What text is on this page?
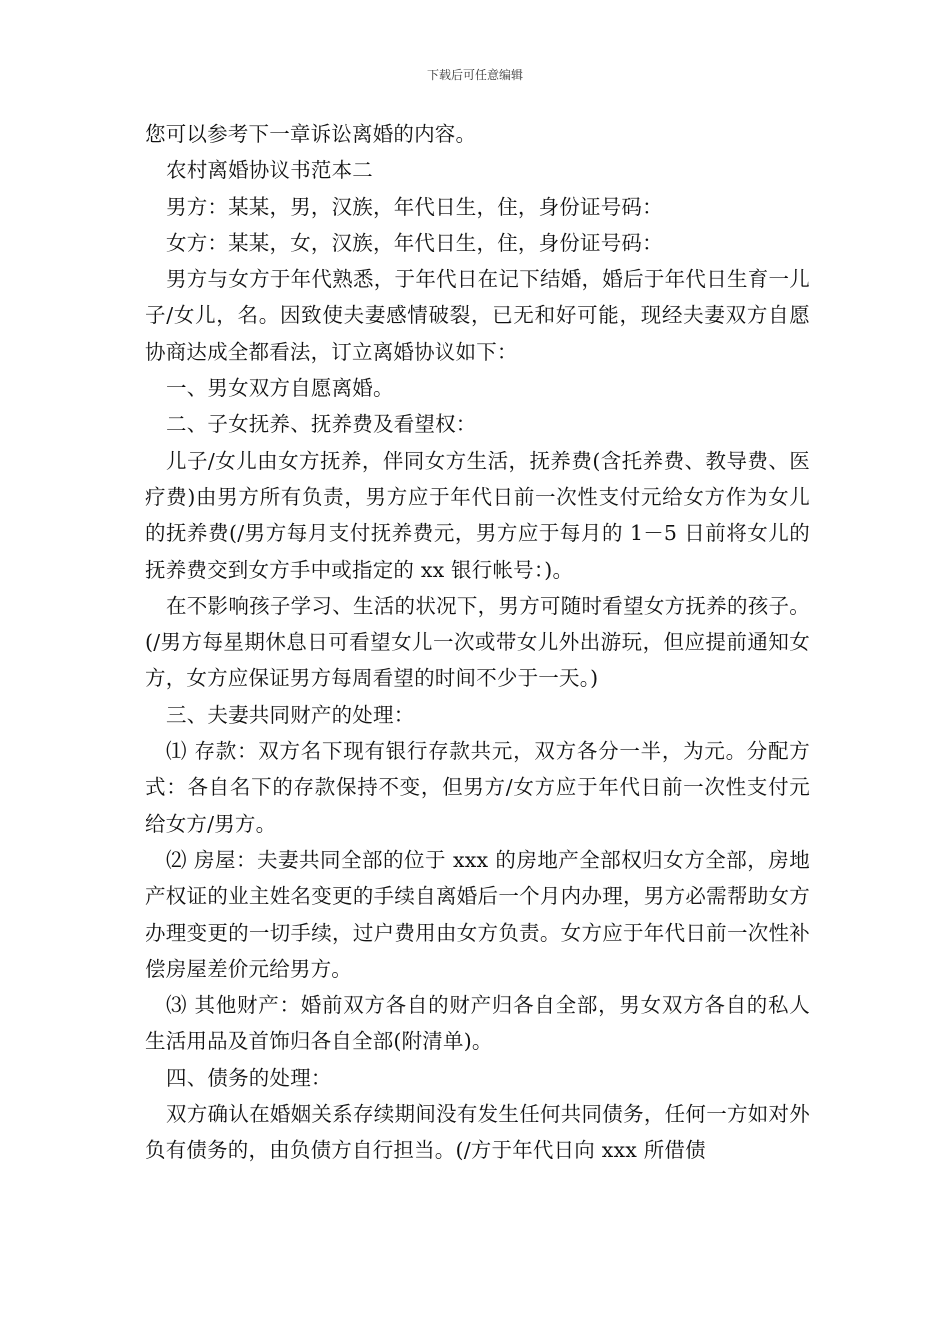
下载后可任意编辑

您可以参考下一章诉讼离婚的内容。

农村离婚协议书范本二

男方：某某，男，汉族，年代日生，住，身份证号码：

女方：某某，女，汉族，年代日生，住，身份证号码：

男方与女方于年代熟悉，于年代日在记下结婚，婚后于年代日生育一儿子/女儿，名。因致使夫妻感情破裂，已无和好可能，现经夫妻双方自愿协商达成全都看法，订立离婚协议如下：

一、男女双方自愿离婚。

二、子女抚养、抚养费及看望权：

儿子/女儿由女方抚养，伴同女方生活，抚养费(含托养费、教导费、医疗费)由男方所有负责，男方应于年代日前一次性支付元给女方作为女儿的抚养费(/男方每月支付抚养费元，男方应于每月的 1－5 日前将女儿的抚养费交到女方手中或指定的 xx 银行帐号：)。

在不影响孩子学习、生活的状况下，男方可随时看望女方抚养的孩子。(/男方每星期休息日可看望女儿一次或带女儿外出游玩，但应提前通知女方，女方应保证男方每周看望的时间不少于一天。)

三、夫妻共同财产的处理：

⑴ 存款：双方名下现有银行存款共元，双方各分一半，为元。分配方式：各自名下的存款保持不变，但男方/女方应于年代日前一次性支付元给女方/男方。

⑵ 房屋：夫妻共同全部的位于 xxx 的房地产全部权归女方全部，房地产权证的业主姓名变更的手续自离婚后一个月内办理，男方必需帮助女方办理变更的一切手续，过户费用由女方负责。女方应于年代日前一次性补偿房屋差价元给男方。

⑶ 其他财产：婚前双方各自的财产归各自全部，男女双方各自的私人生活用品及首饰归各自全部(附清单)。

四、债务的处理：

双方确认在婚姻关系存续期间没有发生任何共同债务，任何一方如对外负有债务的，由负债方自行担当。(/方于年代日向 xxx 所借债
